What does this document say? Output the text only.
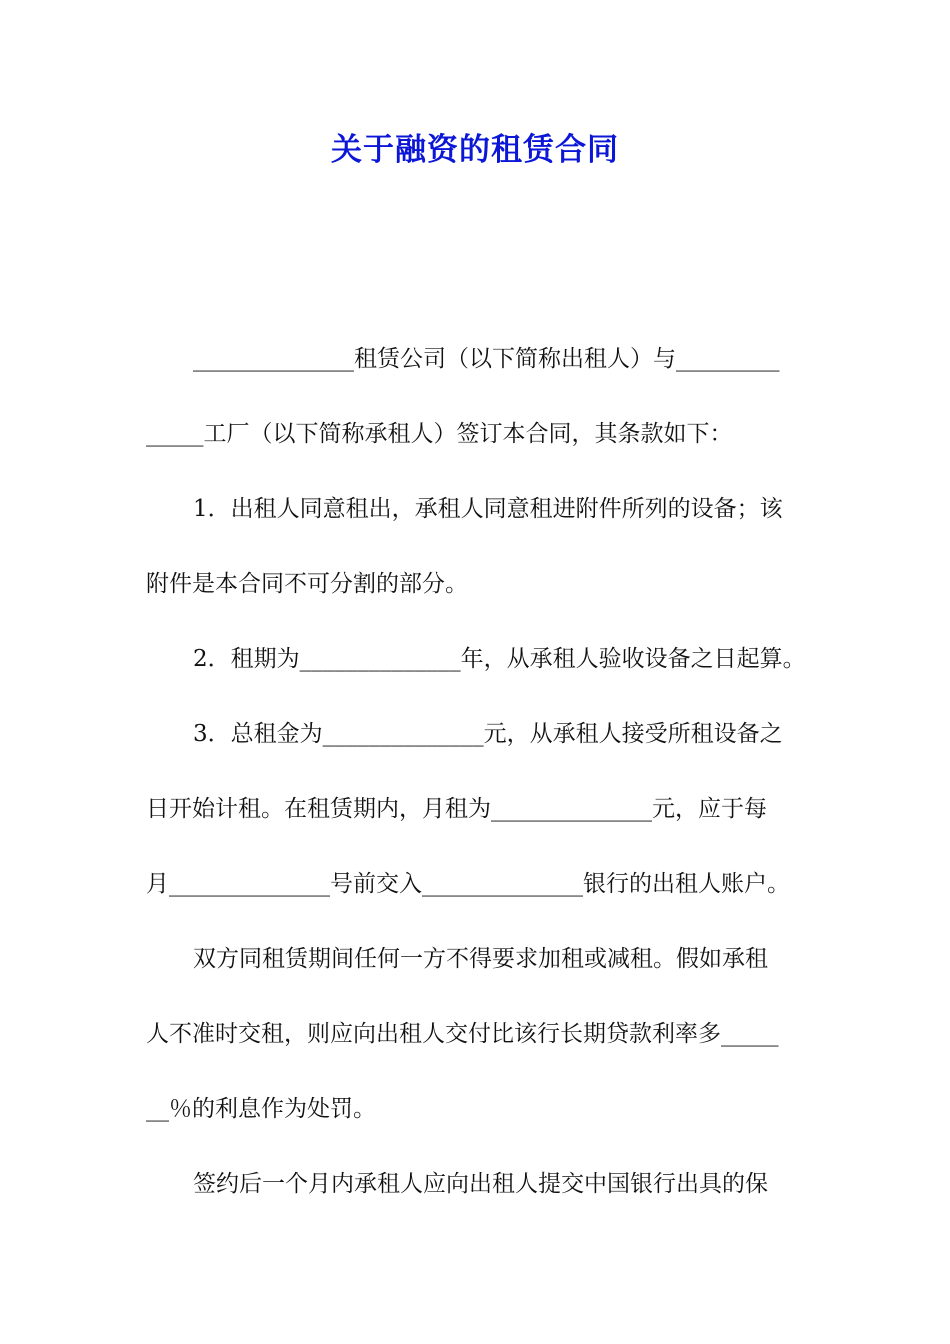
关于融资的租赁合同
______________租赁公司（以下简称出租人）与_________
_____工厂（以下简称承租人）签订本合同，其条款如下：
1．出租人同意租出，承租人同意租进附件所列的设备；该
附件是本合同不可分割的部分。
2．租期为______________年，从承租人验收设备之日起算。
3．总租金为______________元，从承租人接受所租设备之
日开始计租。在租赁期内，月租为______________元，应于每
月______________号前交入______________银行的出租人账户。
双方同租赁期间任何一方不得要求加租或减租。假如承租
人不准时交租，则应向出租人交付比该行长期贷款利率多_____
__％的利息作为处罚。
签约后一个月内承租人应向出租人提交中国银行出具的保
